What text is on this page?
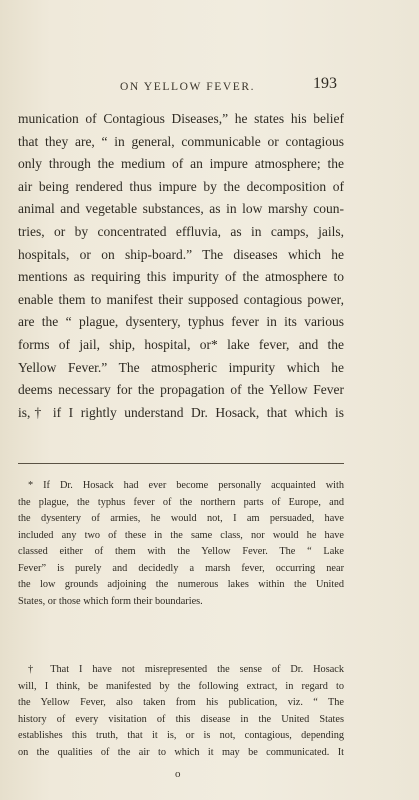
ON YELLOW FEVER.	193
munication of Contagious Diseases,” he states his belief
that they are, “ in general, communicable or contagious
only through the medium of an impure atmosphere; the
air being rendered thus impure by the decomposition of
animal and vegetable substances, as in low marshy coun-
tries, or by concentrated effluvia, as in camps, jails,
hospitals, or on ship-board.” The diseases which he
mentions as requiring this impurity of the atmosphere to
enable them to manifest their supposed contagious power,
are the “ plague, dysentery, typhus fever in its various
forms of jail, ship, hospital, or* lake fever, and the
Yellow Fever.” The atmospheric impurity which he
deems necessary for the propagation of the Yellow Fever
is,† if I rightly understand Dr. Hosack, that which is
* If Dr. Hosack had ever become personally acquainted with
the plague, the typhus fever of the northern parts of Europe, and
the dysentery of armies, he would not, I am persuaded, have
included any two of these in the same class, nor would he have
classed either of them with the Yellow Fever. The “ Lake
Fever” is purely and decidedly a marsh fever, occurring near
the low grounds adjoining the numerous lakes within the United
States, or those which form their boundaries.
† That I have not misrepresented the sense of Dr. Hosack
will, I think, be manifested by the following extract, in regard to
the Yellow Fever, also taken from his publication, viz. “ The
history of every visitation of this disease in the United States
establishes this truth, that it is, or is not, contagious, depending
on the qualities of the air to which it may be communicated. It
o
